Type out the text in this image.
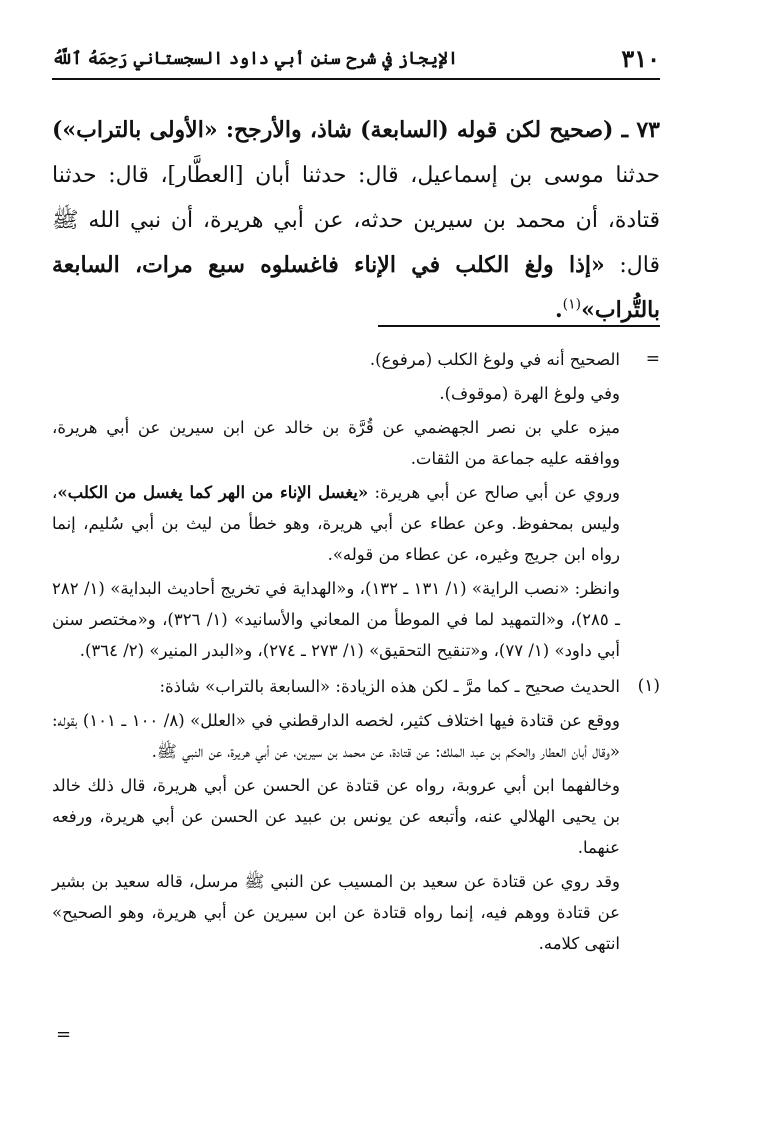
٣١٠
الإيجاز في شرح سنن أبي داود السجستاني رَحِمَهُ ٱللَّهُ

٧٣ ـ (صحيح لكن قوله (السابعة) شاذ، والأرجح: «الأولى بالتراب») حدثنا موسى بن إسماعيل، قال: حدثنا أبان [العطَّار]، قال: حدثنا قتادة، أن محمد بن سيرين حدثه، عن أبي هريرة، أن نبي الله ﷺ قال: «إذا ولغ الكلب في الإناء فاغسلوه سبع مرات، السابعة بالتُّراب»$^{(١)}$.

=

الصحيح أنه في ولوغ الكلب (مرفوع).

وفي ولوغ الهرة (موقوف).

ميزه علي بن نصر الجهضمي عن قُرَّة بن خالد عن ابن سيرين عن أبي هريرة، ووافقه عليه جماعة من الثقات.

وروي عن أبي صالح عن أبي هريرة: «يغسل الإناء من الهر كما يغسل من الكلب»، وليس بمحفوظ. وعن عطاء عن أبي هريرة، وهو خطأ من ليث بن أبي سُليم، إنما رواه ابن جريج وغيره، عن عطاء من قوله».

وانظر: «نصب الراية» (١/ ١٣١ ـ ١٣٢)، و«الهداية في تخريج أحاديث البداية» (١/ ٢٨٢ ـ ٢٨٥)، و«التمهيد لما في الموطأ من المعاني والأسانيد» (١/ ٣٢٦)، و«مختصر سنن أبي داود» (١/ ٧٧)، و«تنقيح التحقيق» (١/ ٢٧٣ ـ ٢٧٤)، و«البدر المنير» (٢/ ٣٦٤).

(١)

الحديث صحيح ـ كما مرَّ ـ لكن هذه الزيادة: «السابعة بالتراب» شاذة:

ووقع عن قتادة فيها اختلاف كثير، لخصه الدارقطني في «العلل» (٨/ ١٠٠ ـ ١٠١) بقوله: «وقال أبان العطار والحكم بن عبد الملك: عن قتادة، عن محمد بن سيرين، عن أبي هريرة، عن النبي ﷺ.

وخالفهما ابن أبي عروبة، رواه عن قتادة عن الحسن عن أبي هريرة، قال ذلك خالد بن يحيى الهلالي عنه، وأتبعه عن يونس بن عبيد عن الحسن عن أبي هريرة، ورفعه عنهما.

وقد روي عن قتادة عن سعيد بن المسيب عن النبي ﷺ مرسل، قاله سعيد بن بشير عن قتادة ووهم فيه، إنما رواه قتادة عن ابن سيرين عن أبي هريرة، وهو الصحيح» انتهى كلامه.

=
